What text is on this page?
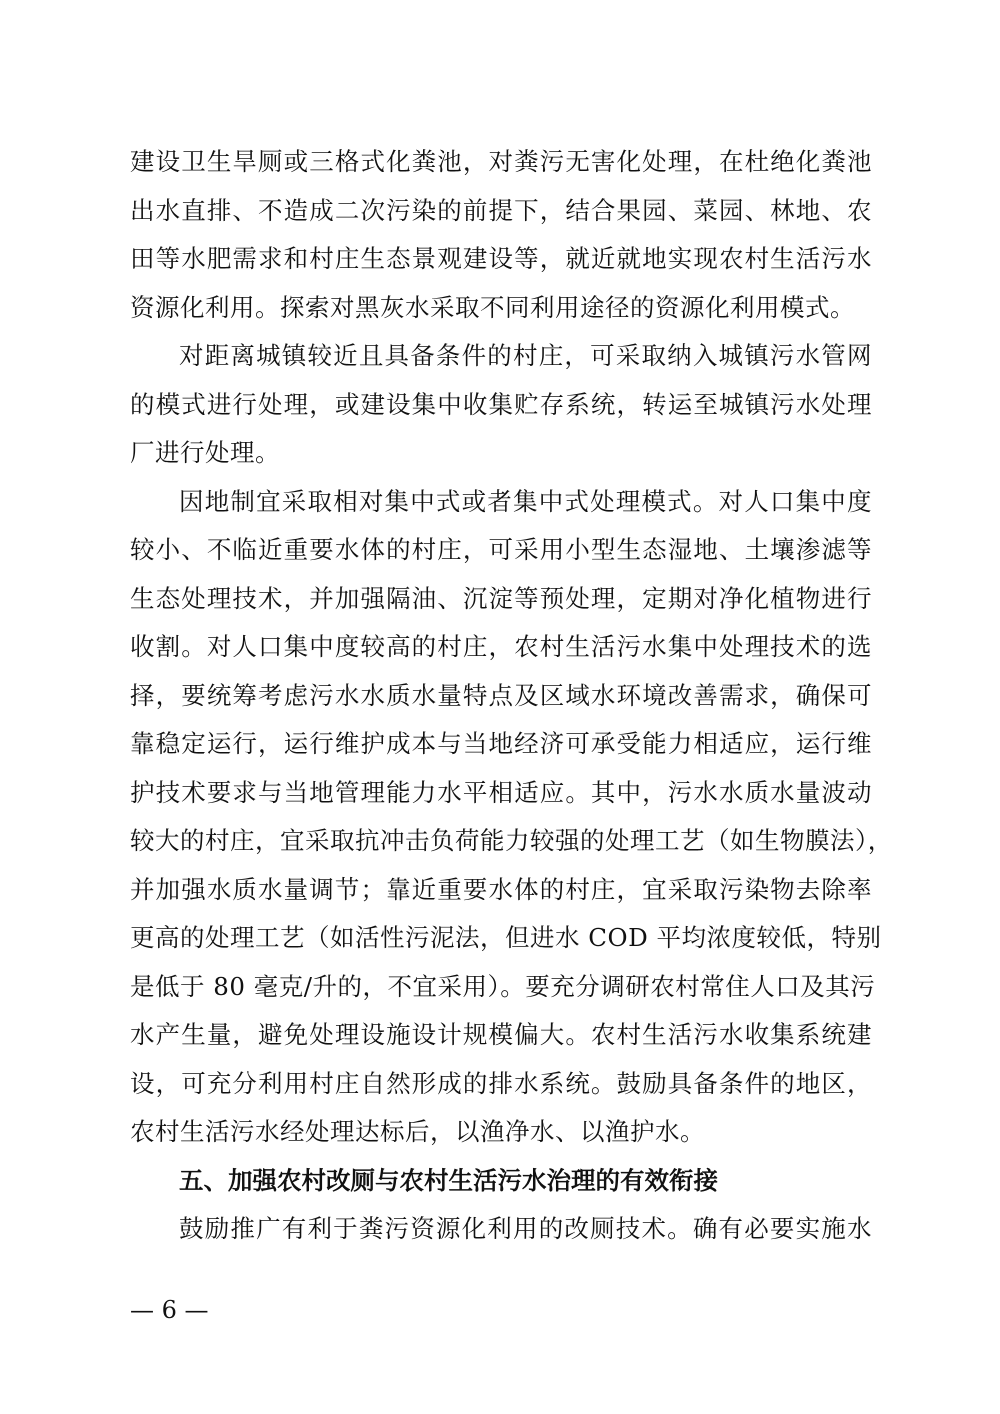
建设卫生旱厕或三格式化粪池，对粪污无害化处理，在杜绝化粪池
出水直排、不造成二次污染的前提下，结合果园、菜园、林地、农
田等水肥需求和村庄生态景观建设等，就近就地实现农村生活污水
资源化利用。探索对黑灰水采取不同利用途径的资源化利用模式。
对距离城镇较近且具备条件的村庄，可采取纳入城镇污水管网
的模式进行处理，或建设集中收集贮存系统，转运至城镇污水处理
厂进行处理。
因地制宜采取相对集中式或者集中式处理模式。对人口集中度
较小、不临近重要水体的村庄，可采用小型生态湿地、土壤渗滤等
生态处理技术，并加强隔油、沉淀等预处理，定期对净化植物进行
收割。对人口集中度较高的村庄，农村生活污水集中处理技术的选
择，要统筹考虑污水水质水量特点及区域水环境改善需求，确保可
靠稳定运行，运行维护成本与当地经济可承受能力相适应，运行维
护技术要求与当地管理能力水平相适应。其中，污水水质水量波动
较大的村庄，宜采取抗冲击负荷能力较强的处理工艺（如生物膜法），
并加强水质水量调节；靠近重要水体的村庄，宜采取污染物去除率
更高的处理工艺（如活性污泥法，但进水 COD 平均浓度较低，特别
是低于 80 毫克/升的，不宜采用）。要充分调研农村常住人口及其污
水产生量，避免处理设施设计规模偏大。农村生活污水收集系统建
设，可充分利用村庄自然形成的排水系统。鼓励具备条件的地区，
农村生活污水经处理达标后，以渔净水、以渔护水。
五、加强农村改厕与农村生活污水治理的有效衔接
鼓励推广有利于粪污资源化利用的改厕技术。确有必要实施水
— 6 —
